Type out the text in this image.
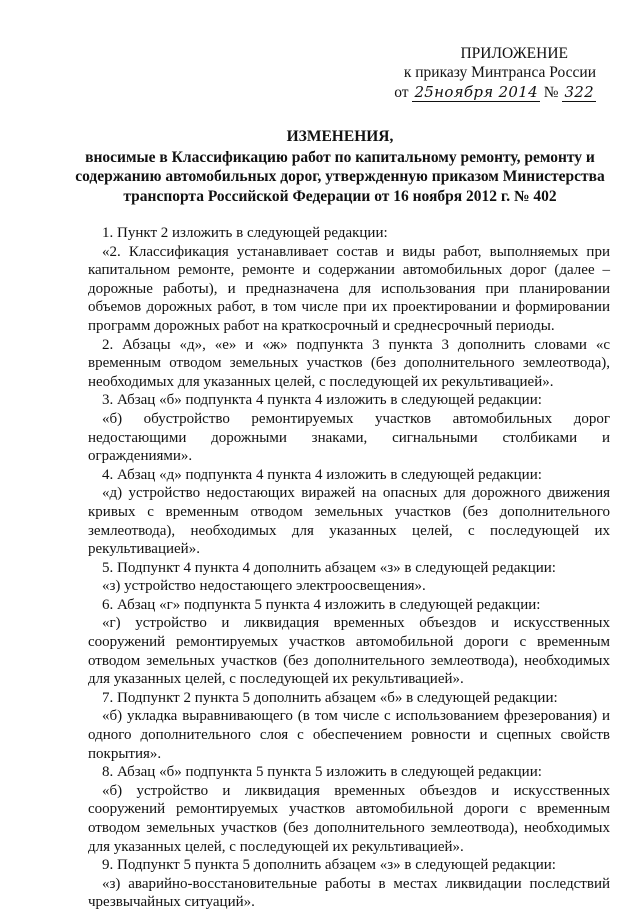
ПРИЛОЖЕНИЕ
к приказу Минтранса России
от 25ноября 2014 № 322
ИЗМЕНЕНИЯ,
вносимые в Классификацию работ по капитальному ремонту, ремонту и содержанию автомобильных дорог, утвержденную приказом Министерства транспорта Российской Федерации от 16 ноября 2012 г. № 402

1. Пункт 2 изложить в следующей редакции:

«2. Классификация устанавливает состав и виды работ, выполняемых при капитальном ремонте, ремонте и содержании автомобильных дорог (далее – дорожные работы), и предназначена для использования при планировании объемов дорожных работ, в том числе при их проектировании и формировании программ дорожных работ на краткосрочный и среднесрочный периоды.

2. Абзацы «д», «е» и «ж» подпункта 3 пункта 3 дополнить словами «с временным отводом земельных участков (без дополнительного землеотвода), необходимых для указанных целей, с последующей их рекультивацией».

3. Абзац «б» подпункта 4 пункта 4 изложить в следующей редакции:

«б) обустройство ремонтируемых участков автомобильных дорог недостающими дорожными знаками, сигнальными столбиками и ограждениями».

4. Абзац «д» подпункта 4 пункта 4 изложить в следующей редакции:

«д) устройство недостающих виражей на опасных для дорожного движения кривых с временным отводом земельных участков (без дополнительного землеотвода), необходимых для указанных целей, с последующей их рекультивацией».

5. Подпункт 4 пункта 4 дополнить абзацем «з» в следующей редакции:

«з) устройство недостающего электроосвещения».

6. Абзац «г» подпункта 5 пункта 4 изложить в следующей редакции:

«г) устройство и ликвидация временных объездов и искусственных сооружений ремонтируемых участков автомобильной дороги с временным отводом земельных участков (без дополнительного землеотвода), необходимых для указанных целей, с последующей их рекультивацией».

7. Подпункт 2 пункта 5 дополнить абзацем «б» в следующей редакции:

«б) укладка выравнивающего (в том числе с использованием фрезерования) и одного дополнительного слоя с обеспечением ровности и сцепных свойств покрытия».

8. Абзац «б» подпункта 5 пункта 5 изложить в следующей редакции:

«б) устройство и ликвидация временных объездов и искусственных сооружений ремонтируемых участков автомобильной дороги с временным отводом земельных участков (без дополнительного землеотвода), необходимых для указанных целей, с последующей их рекультивацией».

9. Подпункт 5 пункта 5 дополнить абзацем «з» в следующей редакции:

«з) аварийно-восстановительные работы в местах ликвидации последствий чрезвычайных ситуаций».
